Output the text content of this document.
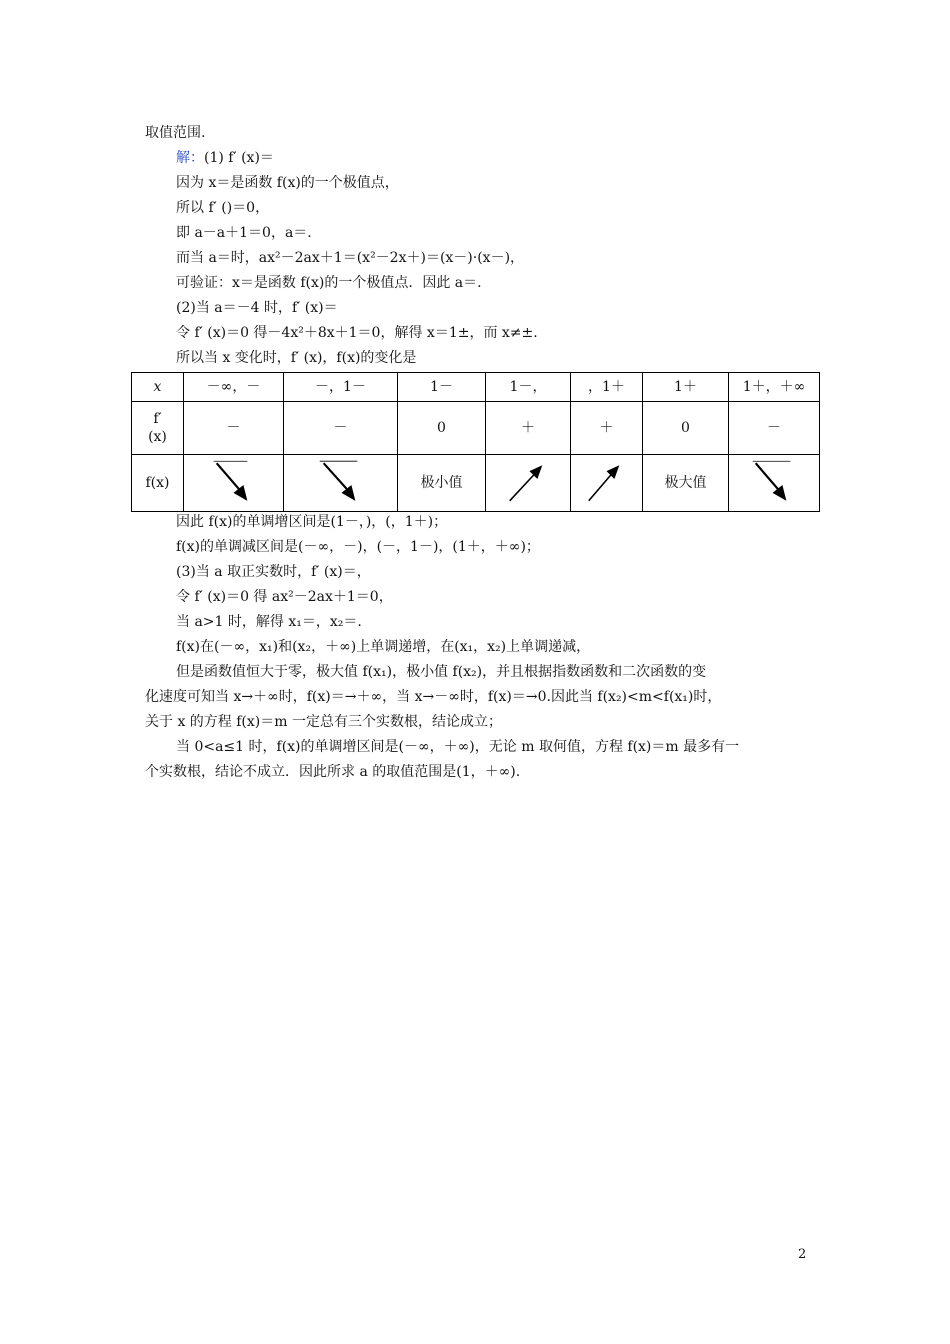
取值范围.
解：(1) f′ (x)＝
因为 x＝是函数 f(x)的一个极值点，
所以 f′ ()＝0，
即 a－a＋1＝0，a＝.
而当 a＝时，ax²－2ax＋1＝(x²－2x＋)＝(x－)·(x－)，
可验证：x＝是函数 f(x)的一个极值点．因此 a＝.
(2)当 a＝－4 时，f′ (x)＝
令 f′ (x)＝0 得－4x²＋8x＋1＝0，解得 x＝1±，而 x≠±.
所以当 x 变化时，f′ (x)，f(x)的变化是
x	－∞，－	－，1－	1－	1－，	，1＋	1＋	1＋，＋∞

f′
(x)	－	－	0	＋	＋	0	－
f(x)			极小值			极大值	
因此 f(x)的单调增区间是(1－，)，(，1＋)；
f(x)的单调减区间是(－∞，－)，(－，1－)，(1＋，＋∞)；
(3)当 a 取正实数时，f′ (x)＝，
令 f′ (x)＝0 得 ax²－2ax＋1＝0，
当 a>1 时，解得 x₁＝，x₂＝.
f(x)在(－∞，x₁)和(x₂，＋∞)上单调递增，在(x₁，x₂)上单调递减，
但是函数值恒大于零，极大值 f(x₁)，极小值 f(x₂)，并且根据指数函数和二次函数的变
化速度可知当 x→＋∞时，f(x)＝→＋∞，当 x→－∞时，f(x)＝→0.因此当 f(x₂)<m<f(x₁)时，
关于 x 的方程 f(x)＝m 一定总有三个实数根，结论成立；
当 0<a≤1 时，f(x)的单调增区间是(－∞，＋∞)，无论 m 取何值，方程 f(x)＝m 最多有一
个实数根，结论不成立．因此所求 a 的取值范围是(1，＋∞).
2
